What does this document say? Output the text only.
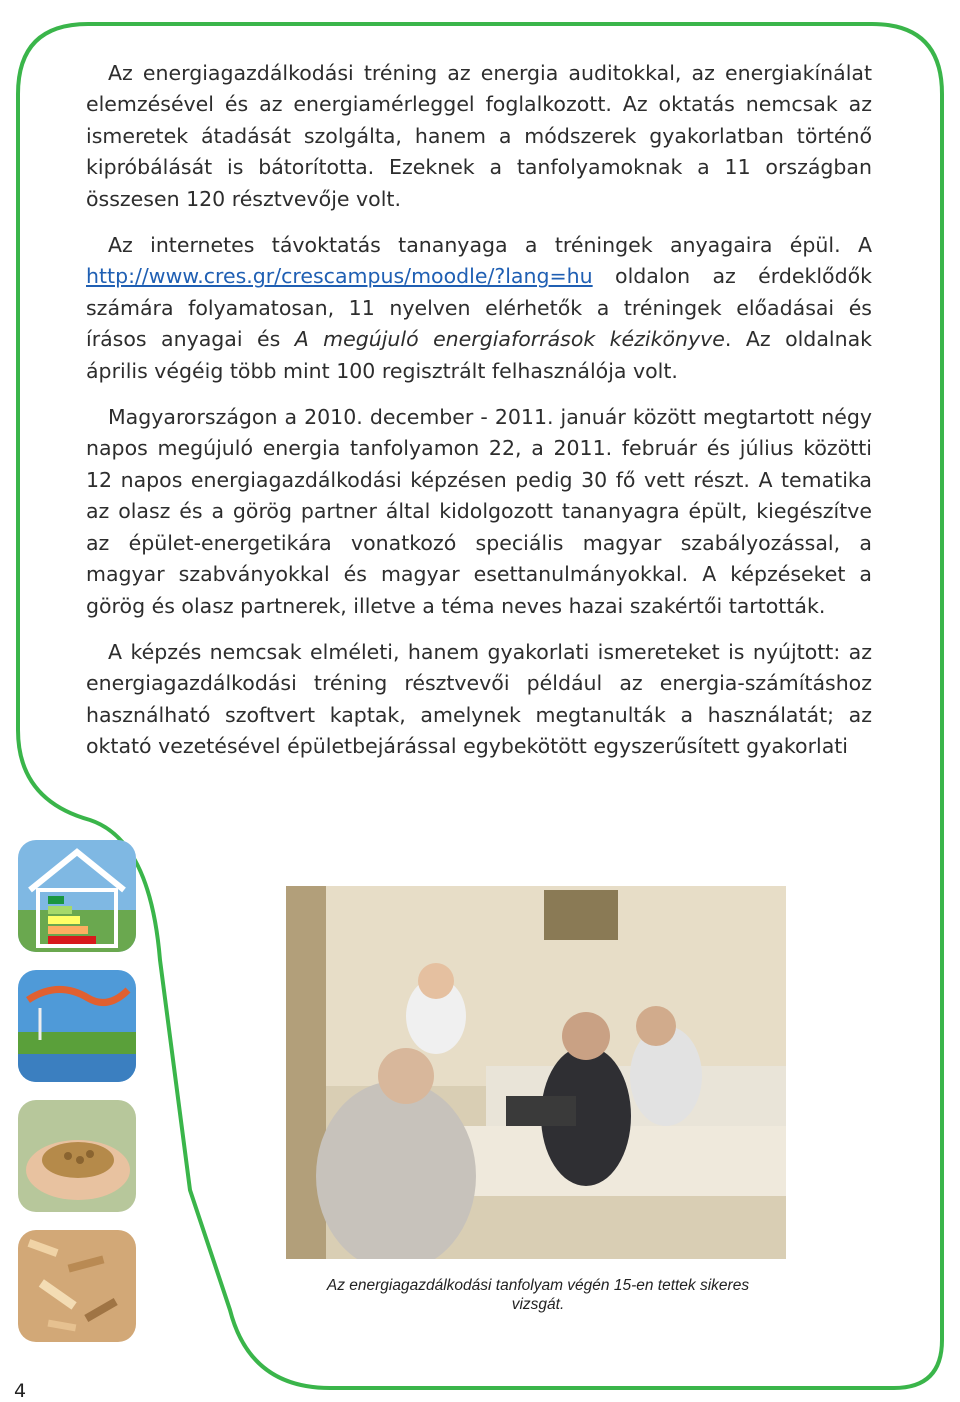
Az energiagazdálkodási tréning az energia auditokkal, az energiakínálat elemzésével és az energiamérleggel foglalkozott. Az oktatás nemcsak az ismeretek átadását szolgálta, hanem a módszerek gyakorlatban történő kipróbálását is bátorította. Ezeknek a tanfolyamoknak a 11 országban összesen 120 résztvevője volt.

Az internetes távoktatás tananyaga a tréningek anyagaira épül. A http://www.cres.gr/crescampus/moodle/?lang=hu oldalon az érdeklődők számára folyamatosan, 11 nyelven elérhetők a tréningek előadásai és írásos anyagai és A megújuló energiaforrások kézikönyve. Az oldalnak április végéig több mint 100 regisztrált felhasználója volt.

Magyarországon a 2010. december - 2011. január között megtartott négy napos megújuló energia tanfolyamon 22, a 2011. február és július közötti 12 napos energiagazdálkodási képzésen pedig 30 fő vett részt. A tematika az olasz és a görög partner által kidolgozott tananyagra épült, kiegészítve az épület-energetikára vonatkozó speciális magyar szabályozással, a magyar szabványokkal és magyar esettanulmányokkal. A képzéseket a görög és olasz partnerek, illetve a téma neves hazai szakértői tartották.

A képzés nemcsak elméleti, hanem gyakorlati ismereteket is nyújtott: az energiagazdálkodási tréning résztvevői például az energia-számításhoz használható szoftvert kaptak, amelynek megtanulták a használatát; az oktató vezetésével épületbejárással egybekötött egyszerűsített gyakorlati

Az energiagazdálkodási tanfolyam végén 15-en tettek sikeres vizsgát.
4
